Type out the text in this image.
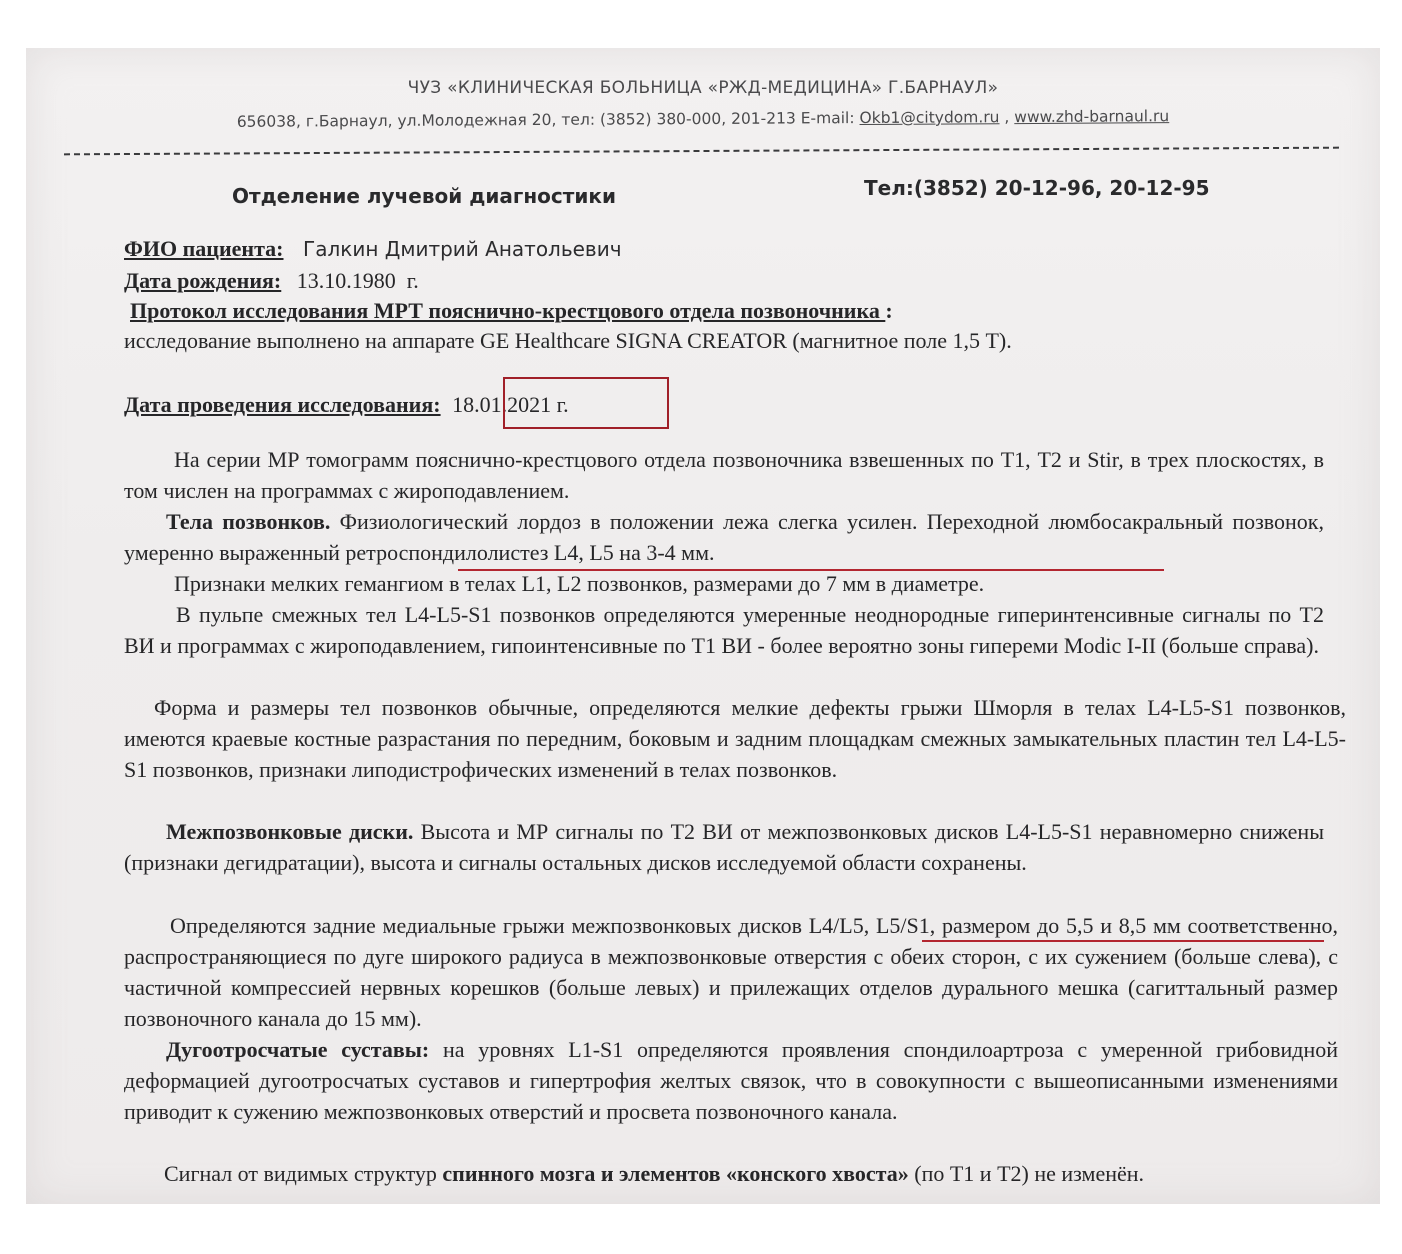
ЧУЗ «КЛИНИЧЕСКАЯ БОЛЬНИЦА «РЖД-МЕДИЦИНА» Г.БАРНАУЛ»
656038, г.Барнаул, ул.Молодежная 20, тел: (3852) 380-000, 201-213 E-mail: Okb1@citydom.ru , www.zhd-barnaul.ru
Отделение лучевой диагностики	Тел:(3852) 20-12-96, 20-12-95
ФИО пациента: Галкин Дмитрий Анатольевич
Дата рождения: 13.10.1980  г.
Протокол исследования МРТ пояснично-крестцового отдела позвоночника :
исследование выполнено на аппарате GE Healthcare SIGNA CREATOR (магнитное поле 1,5 Т).
Дата проведения исследования: 18.01.2021 г.

На серии МР томограмм пояснично-крестцового отдела позвоночника взвешенных по Т1, Т2 и Stir, в трех плоскостях, в том числен на программах с жироподавлением.

Тела позвонков. Физиологический лордоз в положении лежа слегка усилен. Переходной люмбосакральный позвонок, умеренно выраженный ретроспондилолистез L4, L5 на 3-4 мм.

Признаки мелких гемангиом в телах L1, L2 позвонков, размерами до 7 мм в диаметре.

В пульпе смежных тел L4-L5-S1 позвонков определяются умеренные неоднородные гиперинтенсивные сигналы по Т2 ВИ и программах с жироподавлением, гипоинтенсивные по Т1 ВИ - более вероятно зоны гипереми Modic I-II (больше справа).

Форма и размеры тел позвонков обычные, определяются мелкие дефекты грыжи Шморля в телах L4-L5-S1 позвонков, имеются краевые костные разрастания по передним, боковым и задним площадкам смежных замыкательных пластин тел L4-L5-S1 позвонков, признаки липодистрофических изменений в телах позвонков.

Межпозвонковые диски. Высота и МР сигналы по Т2 ВИ от межпозвонковых дисков L4-L5-S1 неравномерно снижены (признаки дегидратации), высота и сигналы остальных дисков исследуемой области сохранены.

Определяются задние медиальные грыжи межпозвонковых дисков L4/L5, L5/S1, размером до 5,5 и 8,5 мм соответственно, распространяющиеся по дуге широкого радиуса в межпозвонковые отверстия с обеих сторон, с их сужением (больше слева), с частичной компрессией нервных корешков (больше левых) и прилежащих отделов дурального мешка (сагиттальный размер позвоночного канала до 15 мм).

Дугоотросчатые суставы: на уровнях L1-S1 определяются проявления спондилоартроза с умеренной грибовидной деформацией дугоотросчатых суставов и гипертрофия желтых связок, что в совокупности с вышеописанными изменениями приводит к сужению межпозвонковых отверстий и просвета позвоночного канала.

Сигнал от видимых структур спинного мозга и элементов «конского хвоста» (по Т1 и Т2) не изменён.
